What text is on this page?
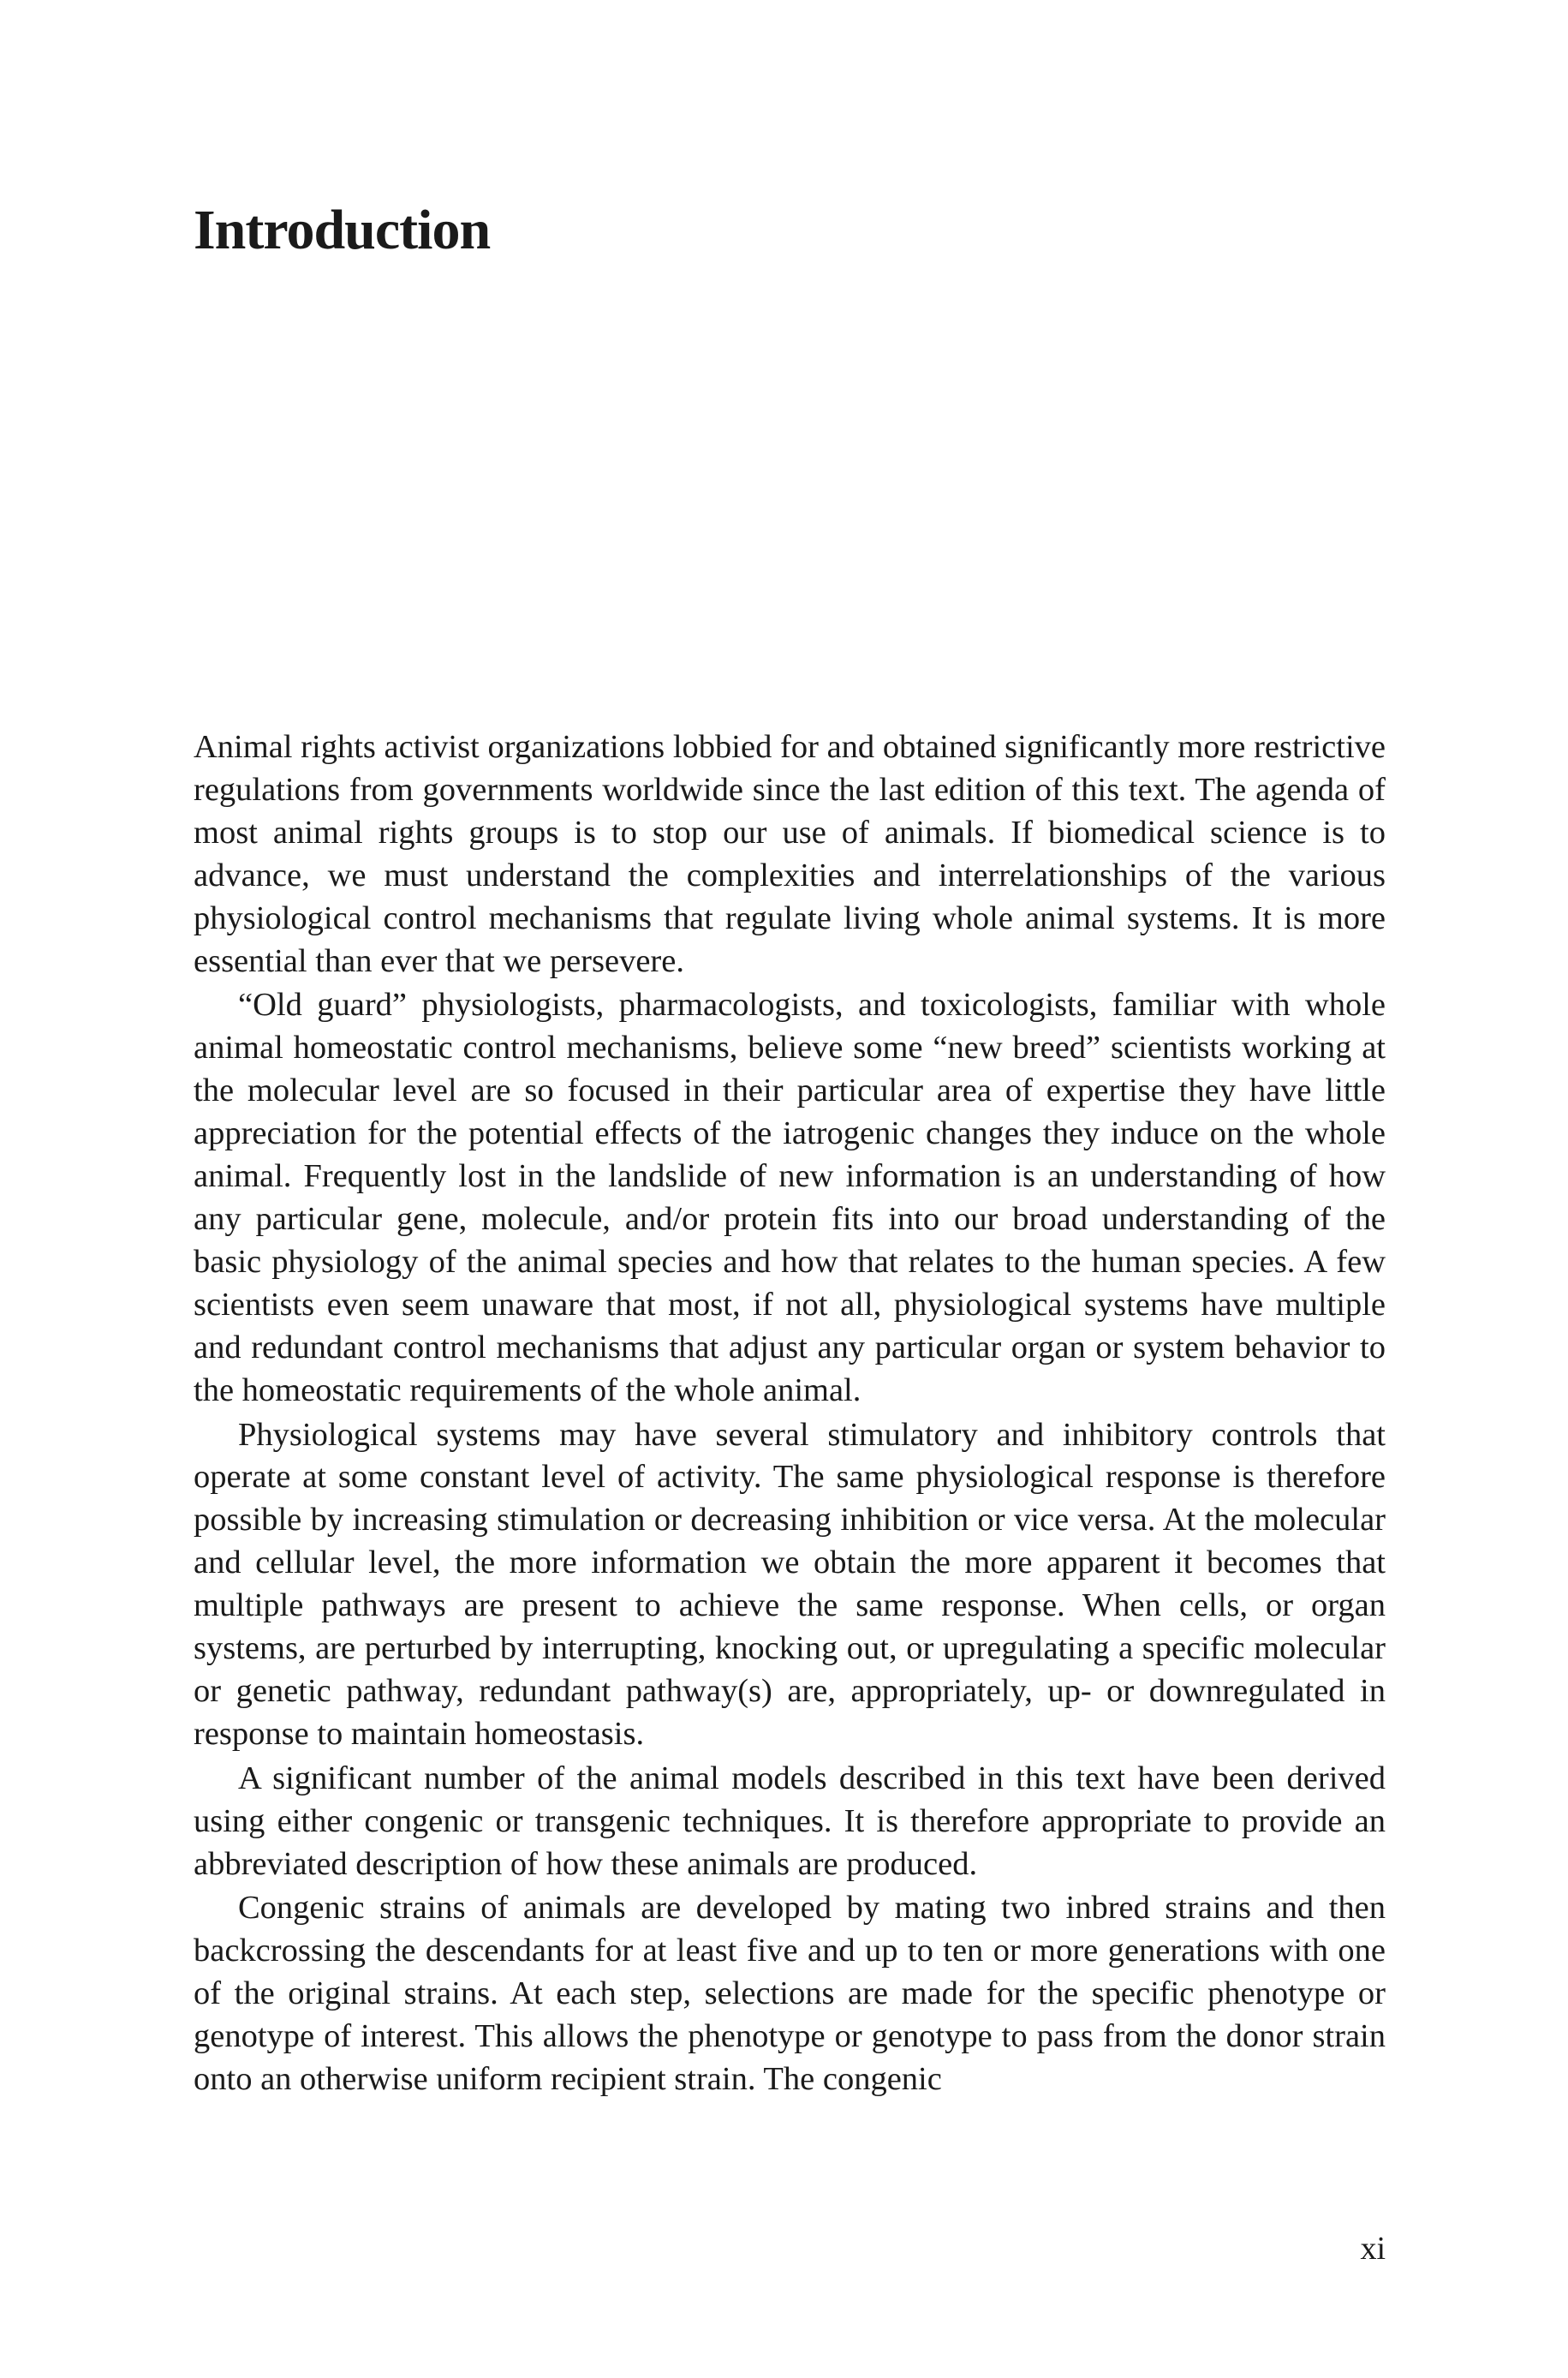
Introduction

Animal rights activist organizations lobbied for and obtained significantly more restrictive regulations from governments worldwide since the last edition of this text. The agenda of most animal rights groups is to stop our use of animals. If biomedical science is to advance, we must understand the complexities and interrelationships of the various physiological control mechanisms that regulate living whole animal systems. It is more essential than ever that we persevere.

“Old guard” physiologists, pharmacologists, and toxicologists, familiar with whole animal homeostatic control mechanisms, believe some “new breed” scientists working at the molecular level are so focused in their particular area of expertise they have little appreciation for the potential effects of the iatrogenic changes they induce on the whole animal. Frequently lost in the landslide of new information is an understanding of how any particular gene, molecule, and/or protein fits into our broad understanding of the basic physiology of the animal species and how that relates to the human species. A few scientists even seem unaware that most, if not all, physiological systems have multiple and redundant control mechanisms that adjust any particular organ or system behavior to the homeostatic requirements of the whole animal.

Physiological systems may have several stimulatory and inhibitory controls that operate at some constant level of activity. The same physiological response is therefore possible by increasing stimulation or decreasing inhibition or vice versa. At the molecular and cellular level, the more information we obtain the more apparent it becomes that multiple pathways are present to achieve the same response. When cells, or organ systems, are perturbed by interrupting, knocking out, or upregulating a specific molecular or genetic pathway, redundant pathway(s) are, appropriately, up- or downregulated in response to maintain homeostasis.

A significant number of the animal models described in this text have been derived using either congenic or transgenic techniques. It is therefore appropriate to provide an abbreviated description of how these animals are produced.

Congenic strains of animals are developed by mating two inbred strains and then backcrossing the descendants for at least five and up to ten or more generations with one of the original strains. At each step, selections are made for the specific phenotype or genotype of interest. This allows the phenotype or genotype to pass from the donor strain onto an otherwise uniform recipient strain. The congenic

xi
